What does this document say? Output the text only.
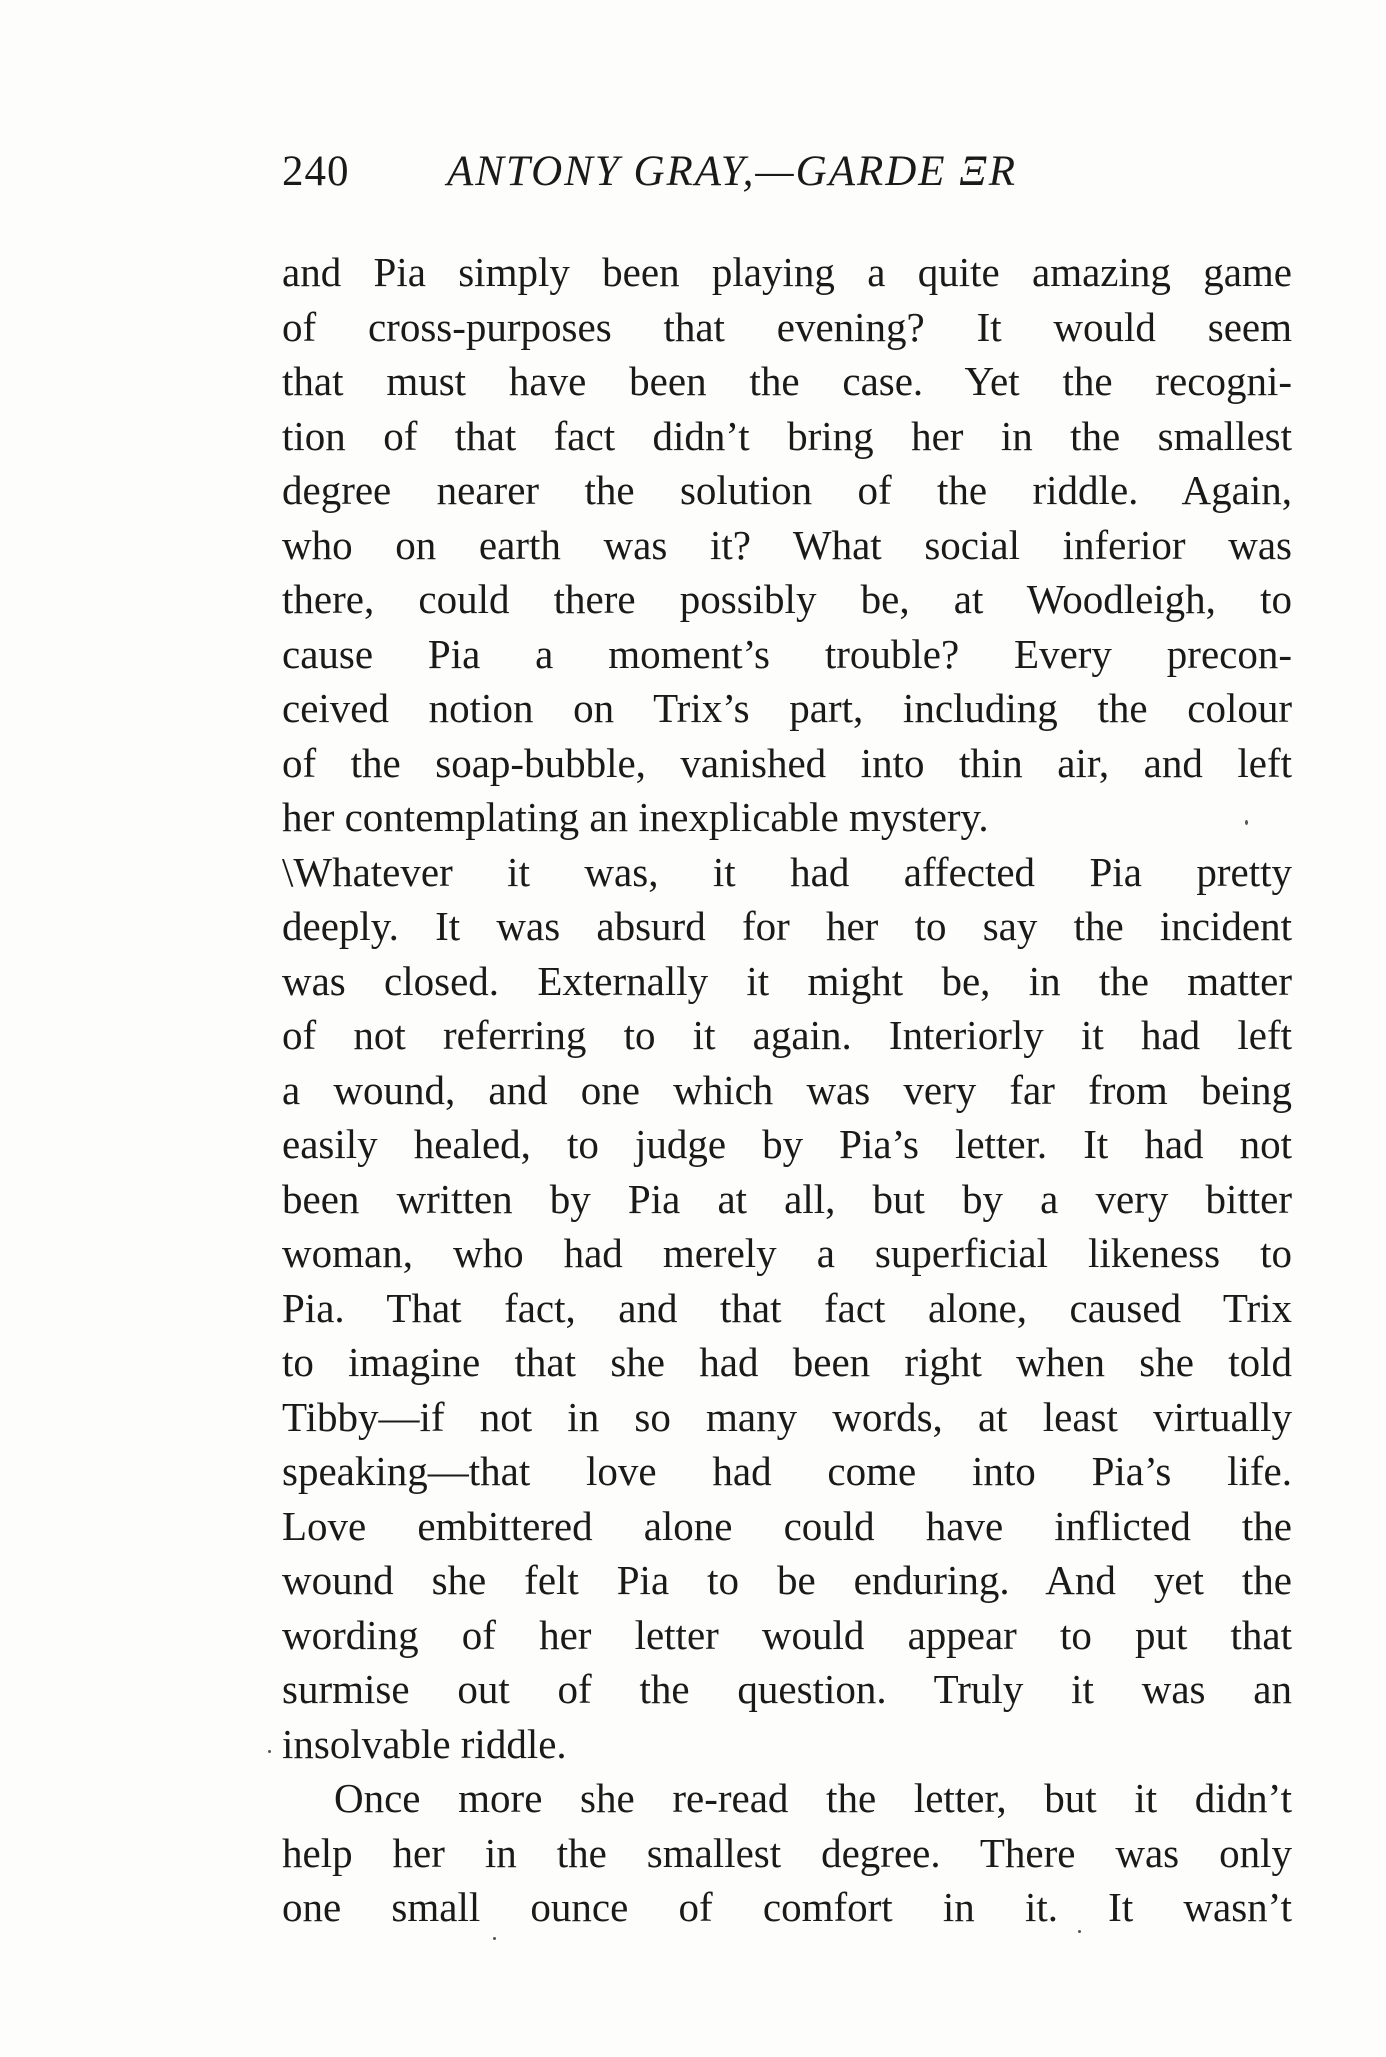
240 ANTONY GRAY,—GARDE ΞR
and Pia simply been playing a quite amazing game
of cross-purposes that evening? It would seem
that must have been the case. Yet the recogni-
tion of that fact didn’t bring her in the smallest
degree nearer the solution of the riddle. Again,
who on earth was it? What social inferior was
there, could there possibly be, at Woodleigh, to
cause Pia a moment’s trouble? Every precon-
ceived notion on Trix’s part, including the colour
of the soap-bubble, vanished into thin air, and left
her contemplating an inexplicable mystery.
\Whatever it was, it had affected Pia pretty
deeply. It was absurd for her to say the incident
was closed. Externally it might be, in the matter
of not referring to it again. Interiorly it had left
a wound, and one which was very far from being
easily healed, to judge by Pia’s letter. It had not
been written by Pia at all, but by a very bitter
woman, who had merely a superficial likeness to
Pia. That fact, and that fact alone, caused Trix
to imagine that she had been right when she told
Tibby—if not in so many words, at least virtually
speaking—that love had come into Pia’s life.
Love embittered alone could have inflicted the
wound she felt Pia to be enduring. And yet the
wording of her letter would appear to put that
surmise out of the question. Truly it was an
insolvable riddle.
Once more she re-read the letter, but it didn’t
help her in the smallest degree. There was only
one small ounce of comfort in it. It wasn’t
